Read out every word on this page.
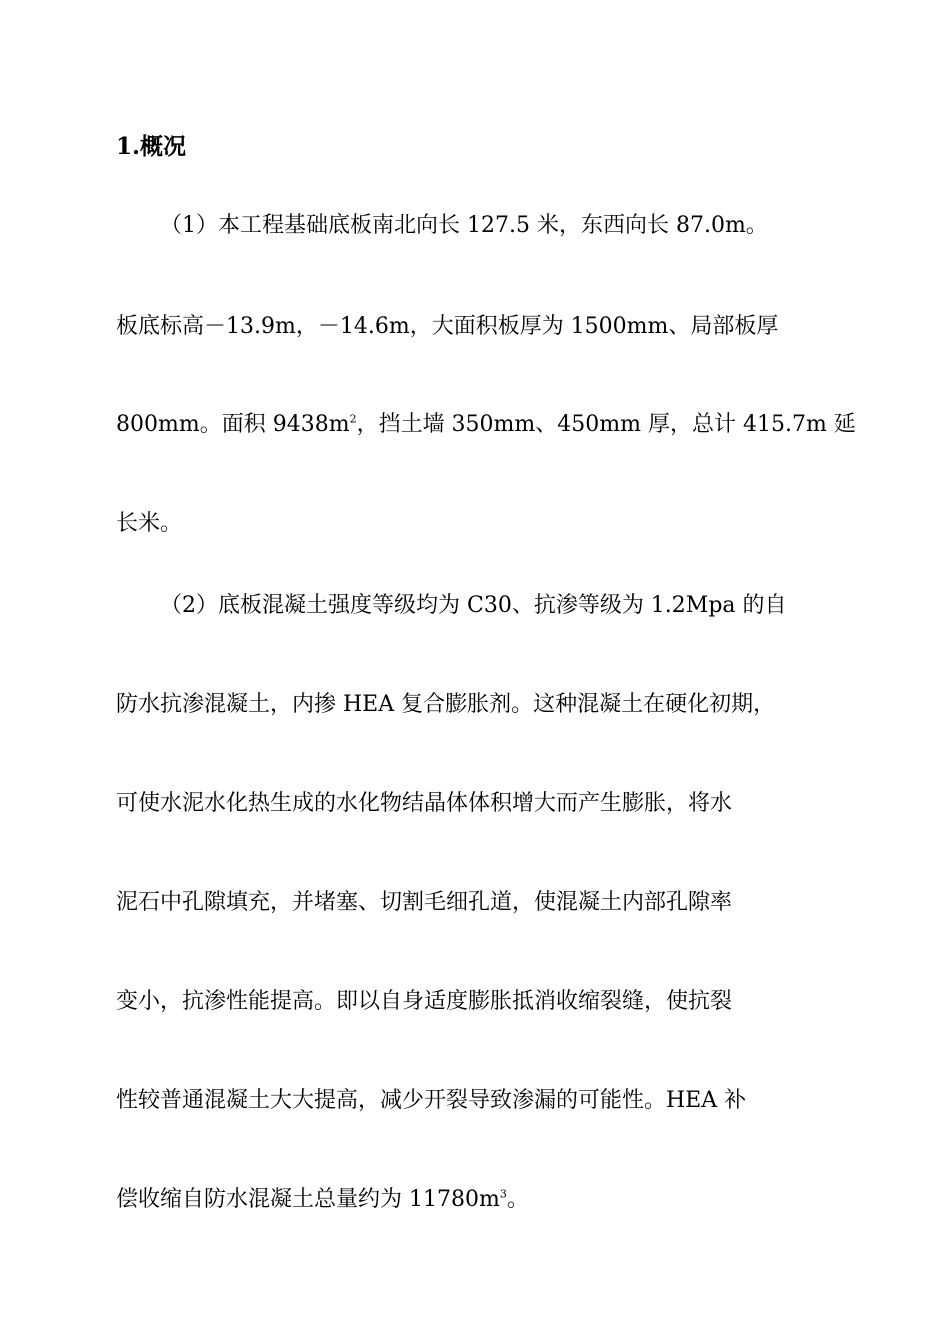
1.概况
（1）本工程基础底板南北向长 127.5 米，东西向长 87.0m。
板底标高－13.9m，－14.6m，大面积板厚为 1500mm、局部板厚
800mm。面积 $9438m^2$，挡土墙 350mm、450mm 厚，总计 415.7m 延
长米。
（2）底板混凝土强度等级均为 C30、抗渗等级为 1.2Mpa 的自
防水抗渗混凝土，内掺 HEA 复合膨胀剂。这种混凝土在硬化初期，
可使水泥水化热生成的水化物结晶体体积增大而产生膨胀，将水
泥石中孔隙填充，并堵塞、切割毛细孔道，使混凝土内部孔隙率
变小，抗渗性能提高。即以自身适度膨胀抵消收缩裂缝，使抗裂
性较普通混凝土大大提高，减少开裂导致渗漏的可能性。HEA 补
偿收缩自防水混凝土总量约为 $11780m^3$。
